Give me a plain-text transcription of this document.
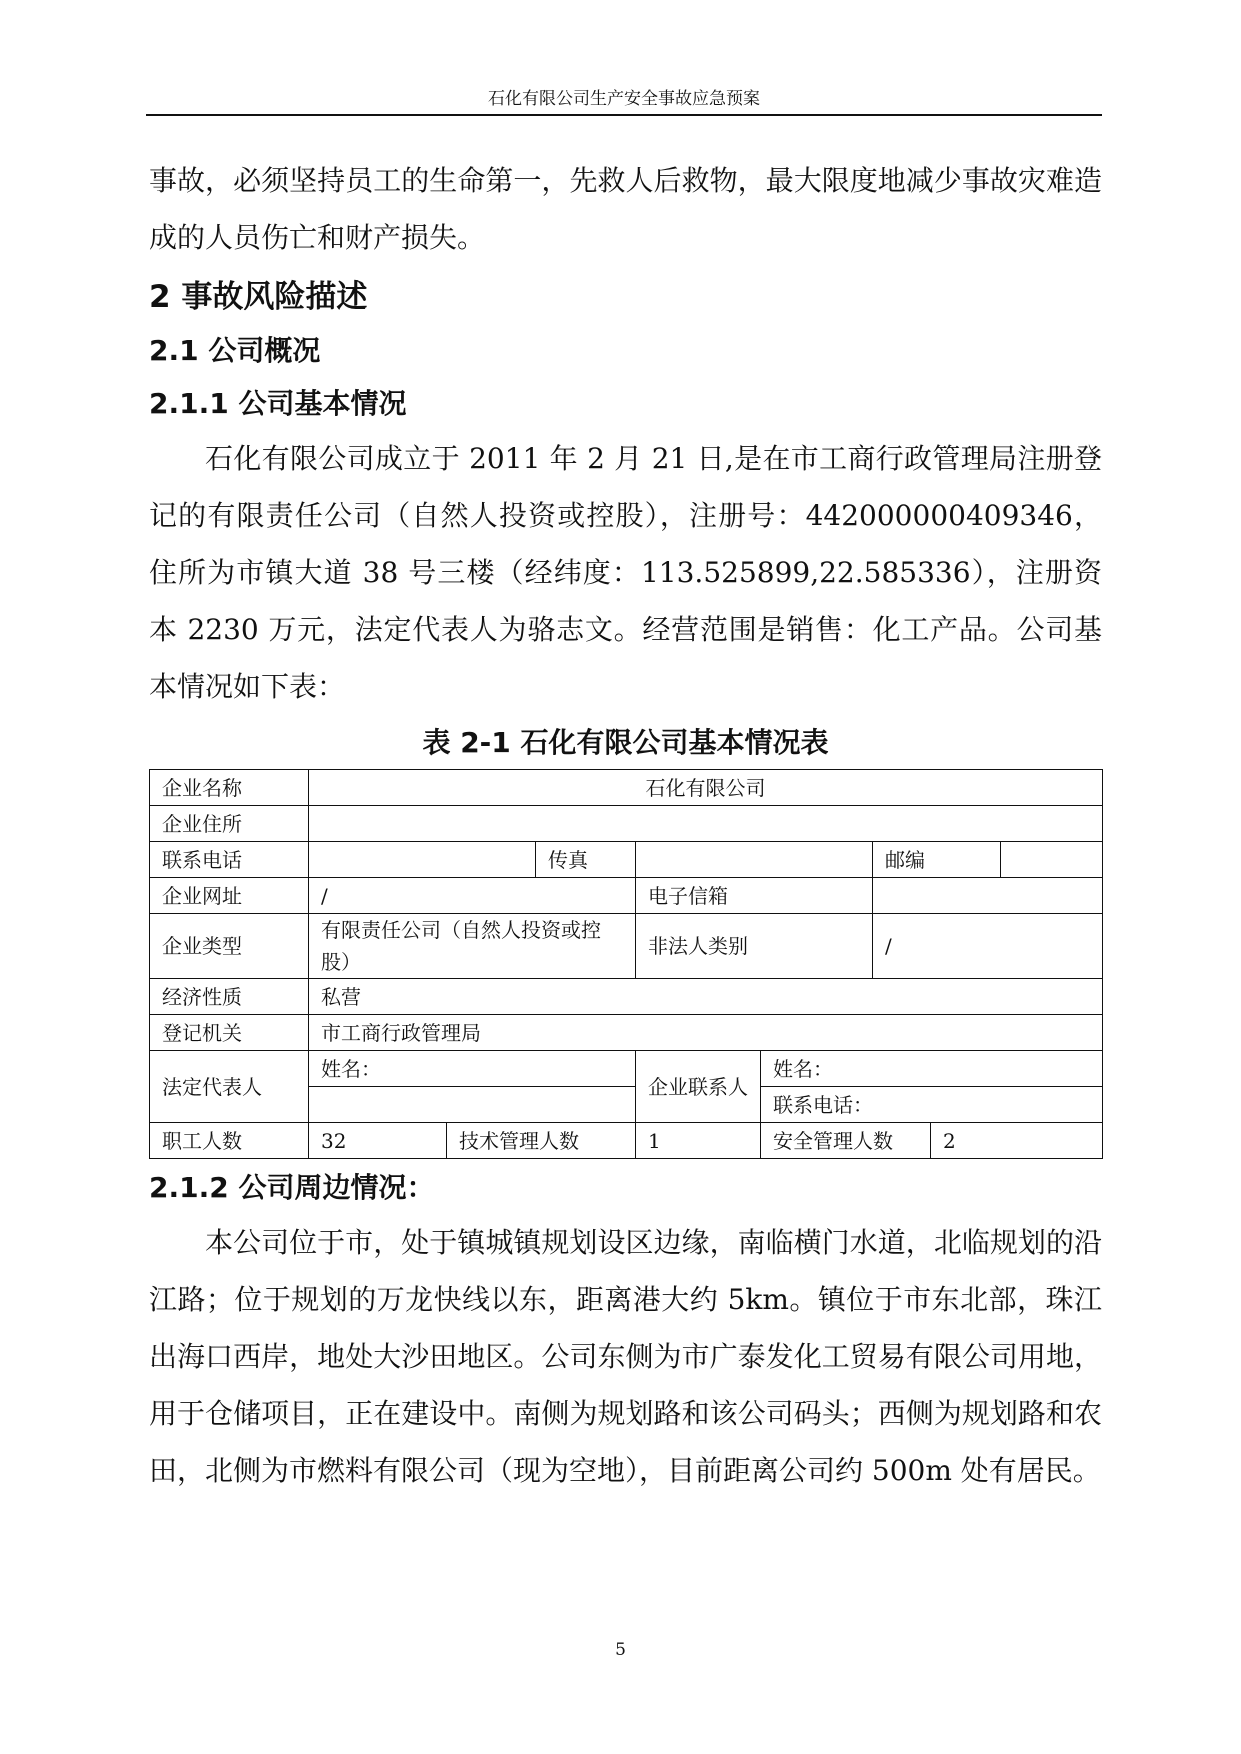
石化有限公司生产安全事故应急预案

事故，必须坚持员工的生命第一，先救人后救物，最大限度地减少事故灾难造成的人员伤亡和财产损失。

2 事故风险描述
2.1 公司概况
2.1.1 公司基本情况

石化有限公司成立于 2011 年 2 月 21 日,是在市工商行政管理局注册登记的有限责任公司（自然人投资或控股），注册号：442000000409346，住所为市镇大道 38 号三楼（经纬度：113.525899,22.585336），注册资本 2230 万元，法定代表人为骆志文。经营范围是销售：化工产品。公司基本情况如下表：

表 2-1 石化有限公司基本情况表
企业名称	石化有限公司							
企业住所								
联系电话			传真			邮编		
企业网址	/			电子信箱				
企业类型	有限责任公司（自然人投资或控股）			非法人类别		/		
经济性质	私营							
登记机关	市工商行政管理局							
法定代表人	姓名：			企业联系人	姓名：			
					联系电话：			
职工人数	32	技术管理人数		1	安全管理人数		2	
2.1.2 公司周边情况：

本公司位于市，处于镇城镇规划设区边缘，南临横门水道，北临规划的沿江路；位于规划的万龙快线以东，距离港大约 5km。镇位于市东北部，珠江出海口西岸，地处大沙田地区。公司东侧为市广泰发化工贸易有限公司用地，用于仓储项目，正在建设中。南侧为规划路和该公司码头；西侧为规划路和农田，北侧为市燃料有限公司（现为空地），目前距离公司约 500m 处有居民。

5
